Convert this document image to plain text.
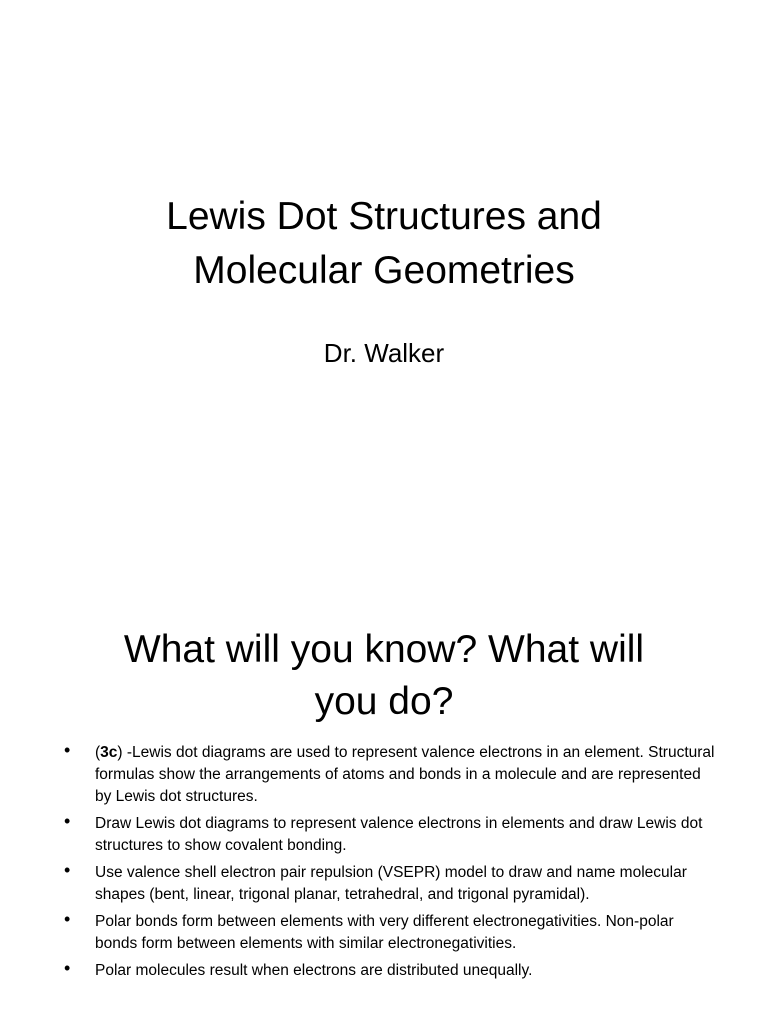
Lewis Dot Structures and
Molecular Geometries
Dr. Walker
What will you know? What will
you do?
• (3c) -Lewis dot diagrams are used to represent valence electrons in an element. Structural formulas show the arrangements of atoms and bonds in a molecule and are represented by Lewis dot structures.
• Draw Lewis dot diagrams to represent valence electrons in elements and draw Lewis dot structures to show covalent bonding.
• Use valence shell electron pair repulsion (VSEPR) model to draw and name molecular shapes (bent, linear, trigonal planar, tetrahedral, and trigonal pyramidal).
• Polar bonds form between elements with very different electronegativities. Non-polar bonds form between elements with similar electronegativities.
• Polar molecules result when electrons are distributed unequally.
